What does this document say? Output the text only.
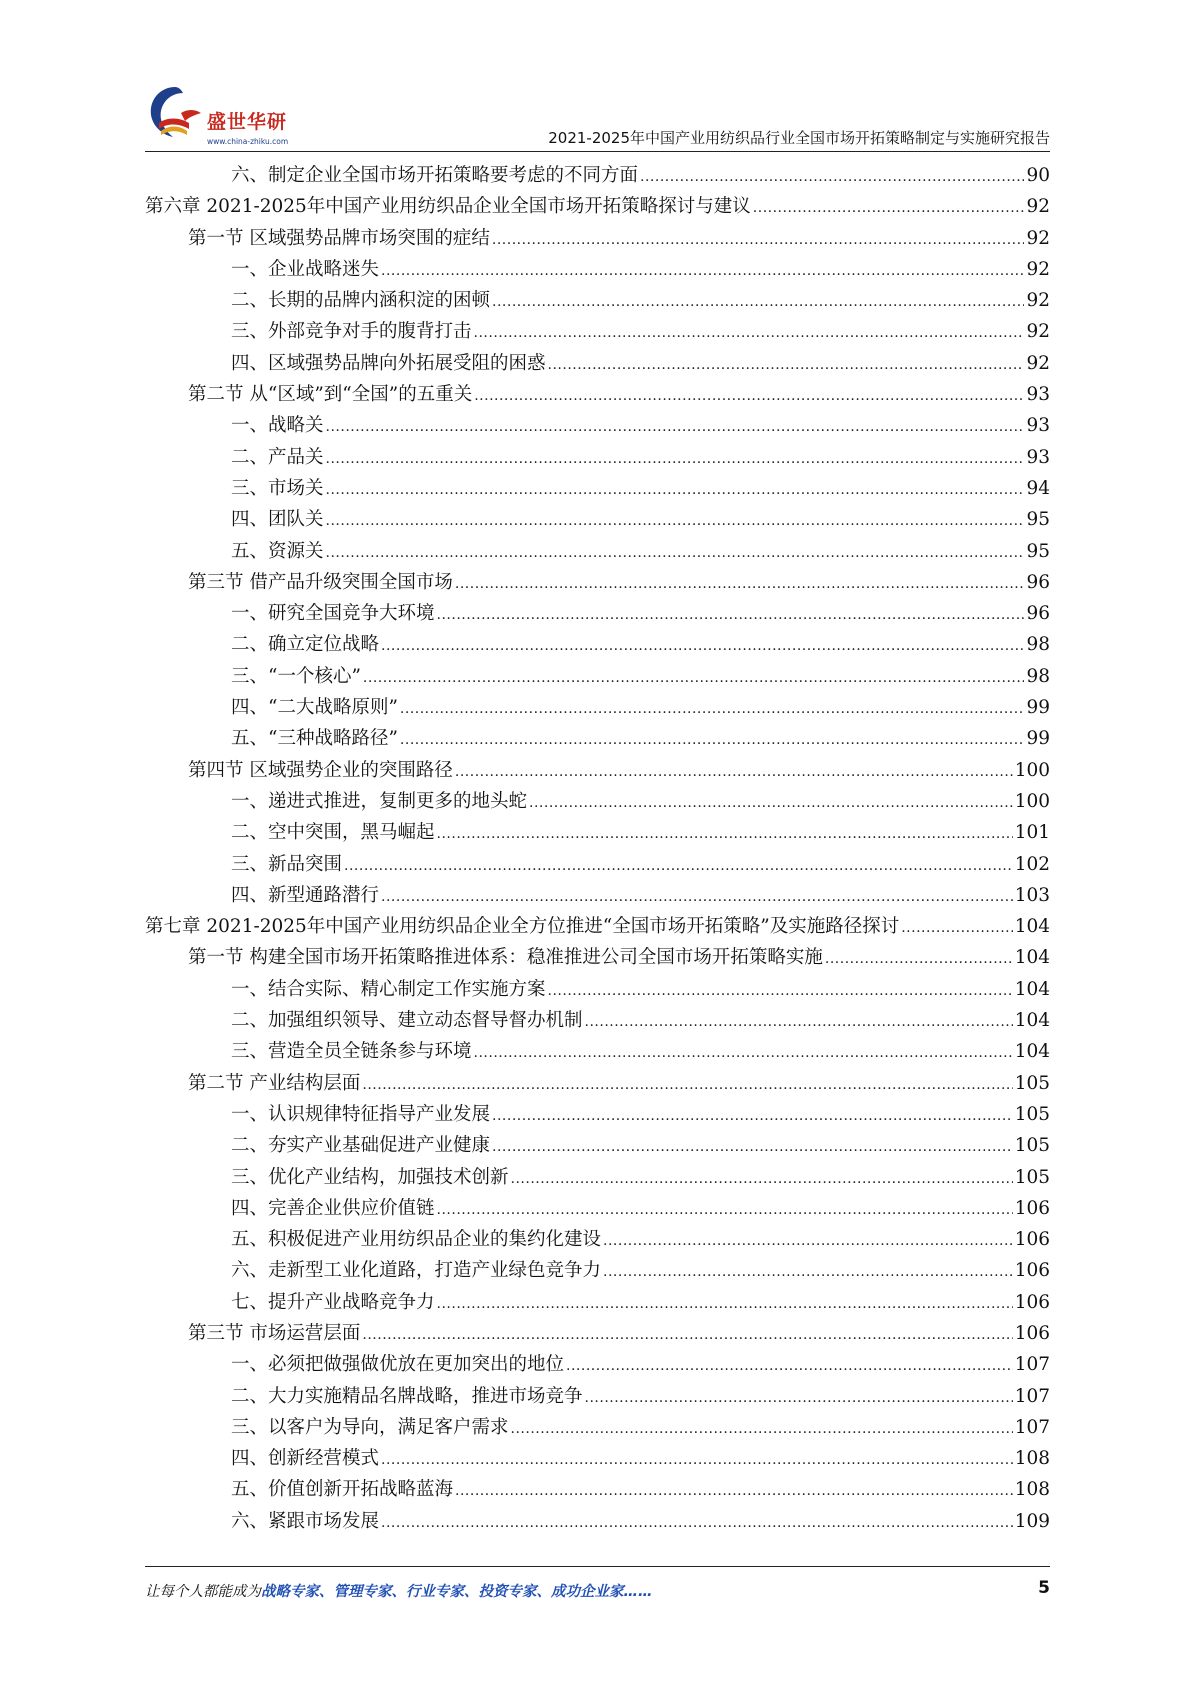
盛世华研
www.china-zhiku.com	2021-2025年中国产业用纺织品行业全国市场开拓策略制定与实施研究报告
六、制定企业全国市场开拓策略要考虑的不同方面 .....	90
第六章 2021-2025年中国产业用纺织品企业全国市场开拓策略探讨与建议 .....	92
第一节 区域强势品牌市场突围的症结 .....	92
一、企业战略迷失 .....	92
二、长期的品牌内涵积淀的困顿 .....	92
三、外部竞争对手的腹背打击 .....	92
四、区域强势品牌向外拓展受阻的困惑 .....	92
第二节 从“区域”到“全国”的五重关 .....	93
一、战略关 .....	93
二、产品关 .....	93
三、市场关 .....	94
四、团队关 .....	95
五、资源关 .....	95
第三节 借产品升级突围全国市场 .....	96
一、研究全国竞争大环境 .....	96
二、确立定位战略 .....	98
三、“一个核心” .....	98
四、“二大战略原则” .....	99
五、“三种战略路径” .....	99
第四节 区域强势企业的突围路径 .....	100
一、递进式推进，复制更多的地头蛇 .....	100
二、空中突围，黑马崛起 .....	101
三、新品突围 .....	102
四、新型通路潜行 .....	103
第七章 2021-2025年中国产业用纺织品企业全方位推进“全国市场开拓策略”及实施路径探讨 .....	104
第一节 构建全国市场开拓策略推进体系：稳准推进公司全国市场开拓策略实施 .....	104
一、结合实际、精心制定工作实施方案 .....	104
二、加强组织领导、建立动态督导督办机制 .....	104
三、营造全员全链条参与环境 .....	104
第二节 产业结构层面 .....	105
一、认识规律特征指导产业发展 .....	105
二、夯实产业基础促进产业健康 .....	105
三、优化产业结构，加强技术创新 .....	105
四、完善企业供应价值链 .....	106
五、积极促进产业用纺织品企业的集约化建设 .....	106
六、走新型工业化道路，打造产业绿色竞争力 .....	106
七、提升产业战略竞争力 .....	106
第三节 市场运营层面 .....	106
一、必须把做强做优放在更加突出的地位 .....	107
二、大力实施精品名牌战略，推进市场竞争 .....	107
三、以客户为导向，满足客户需求 .....	107
四、创新经营模式 .....	108
五、价值创新开拓战略蓝海 .....	108
六、紧跟市场发展 .....	109
让每个人都能成为战略专家、管理专家、行业专家、投资专家、成功企业家……	5
